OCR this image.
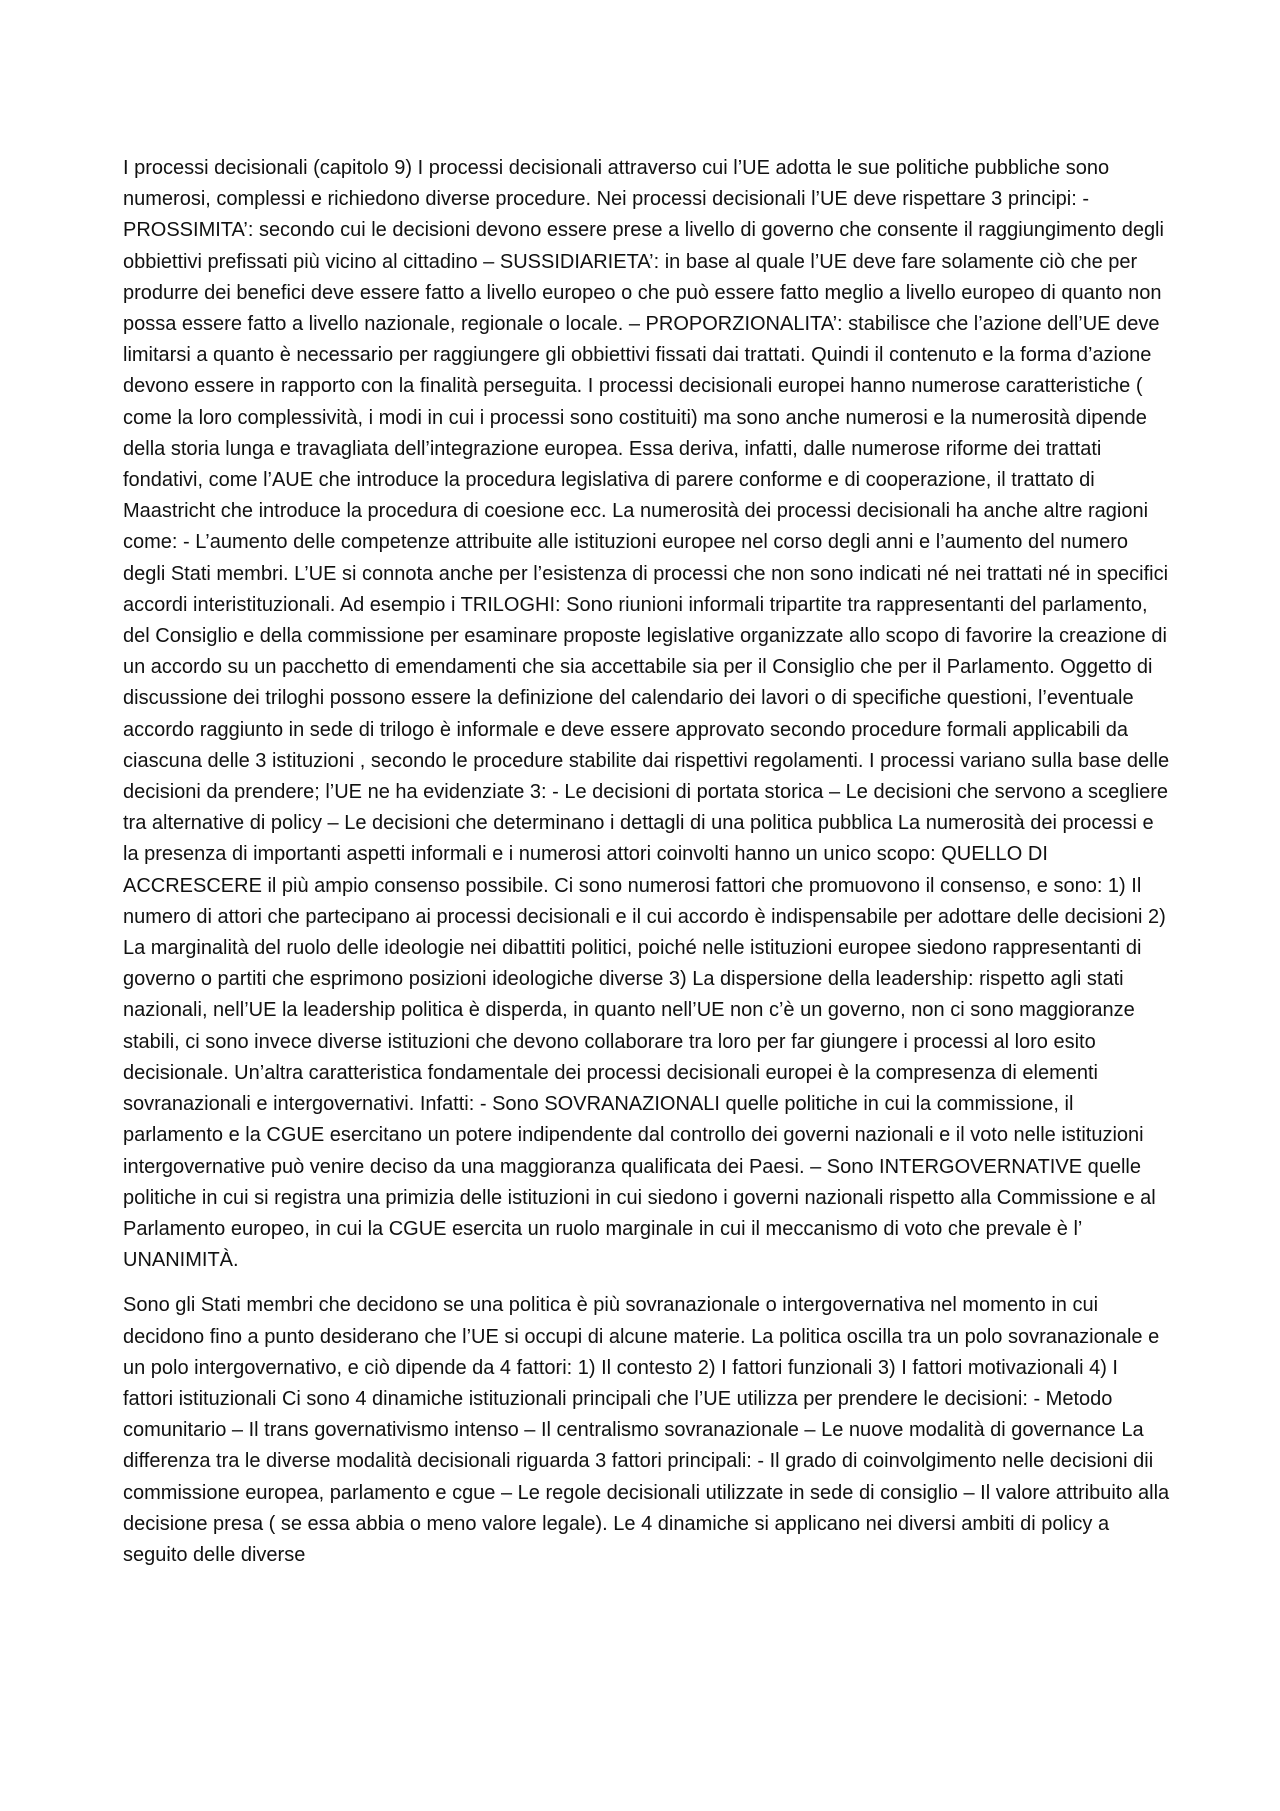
I processi decisionali (capitolo 9) I processi decisionali attraverso cui l’UE adotta le sue politiche pubbliche sono numerosi, complessi e richiedono diverse procedure. Nei processi decisionali l’UE deve rispettare 3 principi: - PROSSIMITA’: secondo cui le decisioni devono essere prese a livello di governo che consente il raggiungimento degli obbiettivi prefissati più vicino al cittadino – SUSSIDIARIETA’: in base al quale l’UE deve fare solamente ciò che per produrre dei benefici deve essere fatto a livello europeo o che può essere fatto meglio a livello europeo di quanto non possa essere fatto a livello nazionale, regionale o locale. – PROPORZIONALITA’: stabilisce che l’azione dell’UE deve limitarsi a quanto è necessario per raggiungere gli obbiettivi fissati dai trattati. Quindi il contenuto e la forma d’azione devono essere in rapporto con la finalità perseguita. I processi decisionali europei hanno numerose caratteristiche ( come la loro complessività, i modi in cui i processi sono costituiti) ma sono anche numerosi e la numerosità dipende della storia lunga e travagliata dell’integrazione europea. Essa deriva, infatti, dalle numerose riforme dei trattati fondativi, come l’AUE che introduce la procedura legislativa di parere conforme e di cooperazione, il trattato di Maastricht che introduce la procedura di coesione ecc. La numerosità dei processi decisionali ha anche altre ragioni come: - L’aumento delle competenze attribuite alle istituzioni europee nel corso degli anni e l’aumento del numero degli Stati membri. L’UE si connota anche per l’esistenza di processi che non sono indicati né nei trattati né in specifici accordi interistituzionali. Ad esempio i TRILOGHI: Sono riunioni informali tripartite tra rappresentanti del parlamento, del Consiglio e della commissione per esaminare proposte legislative organizzate allo scopo di favorire la creazione di un accordo su un pacchetto di emendamenti che sia accettabile sia per il Consiglio che per il Parlamento. Oggetto di discussione dei triloghi possono essere la definizione del calendario dei lavori o di specifiche questioni, l’eventuale accordo raggiunto in sede di trilogo è informale e deve essere approvato secondo procedure formali applicabili da ciascuna delle 3 istituzioni , secondo le procedure stabilite dai rispettivi regolamenti. I processi variano sulla base delle decisioni da prendere; l’UE ne ha evidenziate 3: - Le decisioni di portata storica – Le decisioni che servono a scegliere tra alternative di policy – Le decisioni che determinano i dettagli di una politica pubblica La numerosità dei processi e la presenza di importanti aspetti informali e i numerosi attori coinvolti hanno un unico scopo: QUELLO DI ACCRESCERE il più ampio consenso possibile. Ci sono numerosi fattori che promuovono il consenso, e sono: 1) Il numero di attori che partecipano ai processi decisionali e il cui accordo è indispensabile per adottare delle decisioni 2) La marginalità del ruolo delle ideologie nei dibattiti politici, poiché nelle istituzioni europee siedono rappresentanti di governo o partiti che esprimono posizioni ideologiche diverse 3) La dispersione della leadership: rispetto agli stati nazionali, nell’UE la leadership politica è disperda, in quanto nell’UE non c’è un governo, non ci sono maggioranze stabili, ci sono invece diverse istituzioni che devono collaborare tra loro per far giungere i processi al loro esito decisionale. Un’altra caratteristica fondamentale dei processi decisionali europei è la compresenza di elementi sovranazionali e intergovernativi. Infatti: - Sono SOVRANAZIONALI quelle politiche in cui la commissione, il parlamento e la CGUE esercitano un potere indipendente dal controllo dei governi nazionali e il voto nelle istituzioni intergovernative può venire deciso da una maggioranza qualificata dei Paesi. – Sono INTERGOVERNATIVE quelle politiche in cui si registra una primizia delle istituzioni in cui siedono i governi nazionali rispetto alla Commissione e al Parlamento europeo, in cui la CGUE esercita un ruolo marginale in cui il meccanismo di voto che prevale è l’ UNANIMITÀ.

Sono gli Stati membri che decidono se una politica è più sovranazionale o intergovernativa nel momento in cui decidono fino a punto desiderano che l’UE si occupi di alcune materie. La politica oscilla tra un polo sovranazionale e un polo intergovernativo, e ciò dipende da 4 fattori: 1) Il contesto 2) I fattori funzionali 3) I fattori motivazionali 4) I fattori istituzionali Ci sono 4 dinamiche istituzionali principali che l’UE utilizza per prendere le decisioni: - Metodo comunitario – Il trans governativismo intenso – Il centralismo sovranazionale – Le nuove modalità di governance La differenza tra le diverse modalità decisionali riguarda 3 fattori principali: - Il grado di coinvolgimento nelle decisioni dii commissione europea, parlamento e cgue – Le regole decisionali utilizzate in sede di consiglio – Il valore attribuito alla decisione presa ( se essa abbia o meno valore legale). Le 4 dinamiche si applicano nei diversi ambiti di policy a seguito delle diverse
